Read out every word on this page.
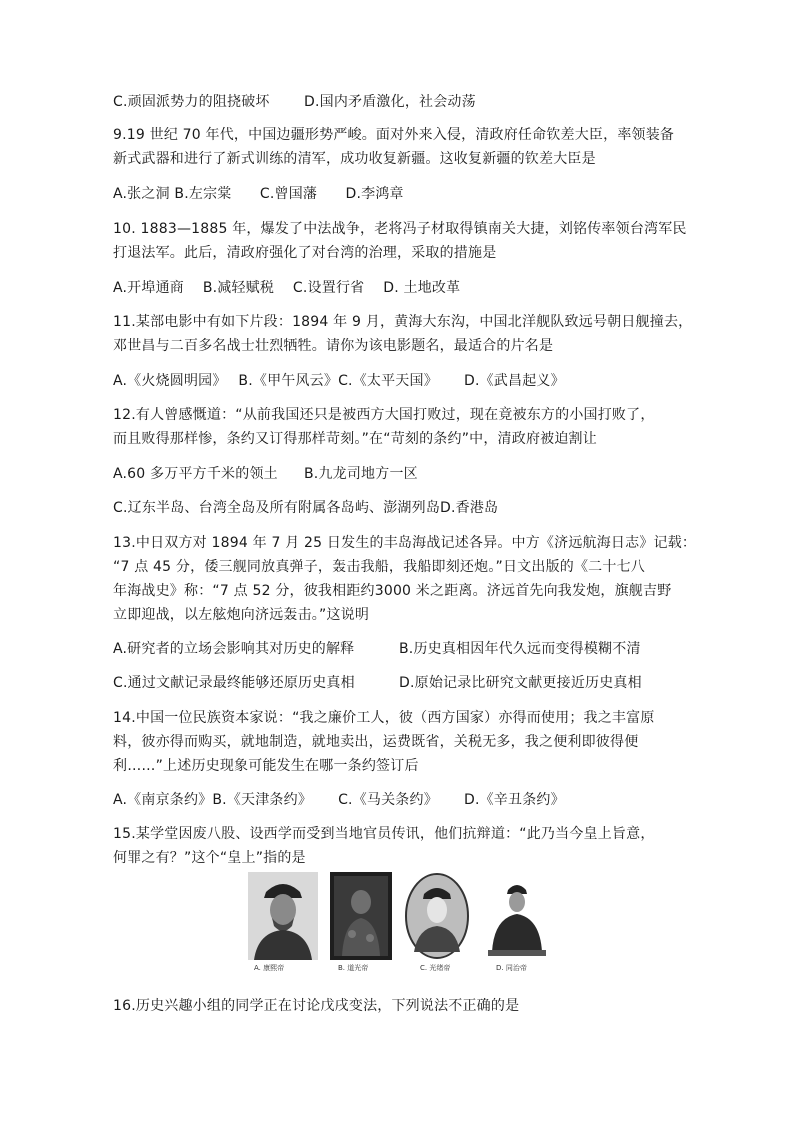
C.顽固派势力的阻挠破坏	D.国内矛盾激化，社会动荡
9.19 世纪 70 年代，中国边疆形势严峻。面对外来入侵，清政府任命钦差大臣，率领装备
新式武器和进行了新式训练的清军，成功收复新疆。这收复新疆的钦差大臣是
A.张之洞 B.左宗棠　　C.曾国藩　　D.李鸿章
10. 1883—1885 年，爆发了中法战争，老将冯子材取得镇南关大捷，刘铭传率领台湾军民
打退法军。此后，清政府强化了对台湾的治理，采取的措施是
A.开埠通商　 B.减轻赋税　 C.设置行省　 D. 土地改革
11.某部电影中有如下片段：1894 年 9 月，黄海大东沟，中国北洋舰队致远号朝日舰撞去，
邓世昌与二百多名战士壮烈牺牲。请你为该电影题名，最适合的片名是
A.《火烧圆明园》　 B.《甲午风云》C.《太平天国》　　 D.《武昌起义》
12.有人曾感慨道：“从前我国还只是被西方大国打败过，现在竟被东方的小国打败了，
而且败得那样惨，条约又订得那样苛刻。”在“苛刻的条约”中，清政府被迫割让
A.60 多万平方千米的领土	B.九龙司地方一区
C.辽东半岛、台湾全岛及所有附属各岛屿、澎湖列岛D.香港岛
13.中日双方对 1894 年 7 月 25 日发生的丰岛海战记述各异。中方《济远航海日志》记载：
“7 点 45 分，倭三舰同放真弹子，轰击我船，我船即刻还炮。”日文出版的《二十七八
年海战史》称：“7 点 52 分，彼我相距约3000 米之距离。济远首先向我发炮，旗舰吉野
立即迎战，以左舷炮向济远轰击。”这说明
A.研究者的立场会影响其对历史的解释	B.历史真相因年代久远而变得模糊不清
C.通过文献记录最终能够还原历史真相	D.原始记录比研究文献更接近历史真相
14.中国一位民族资本家说：“我之廉价工人，彼（西方国家）亦得而使用；我之丰富原
料，彼亦得而购买，就地制造，就地卖出，运费既省，关税无多，我之便利即彼得便
利……”上述历史现象可能发生在哪一条约签订后
A.《南京条约》B.《天津条约》　　 C.《马关条约》　　 D.《辛丑条约》
15.某学堂因废八股、设西学而受到当地官员传讯，他们抗辩道：“此乃当今皇上旨意，
何罪之有？”这个“皇上”指的是
A. 康熙帝	B. 道光帝	C. 光绪帝	D. 同治帝
16.历史兴趣小组的同学正在讨论戊戌变法，下列说法不正确的是
